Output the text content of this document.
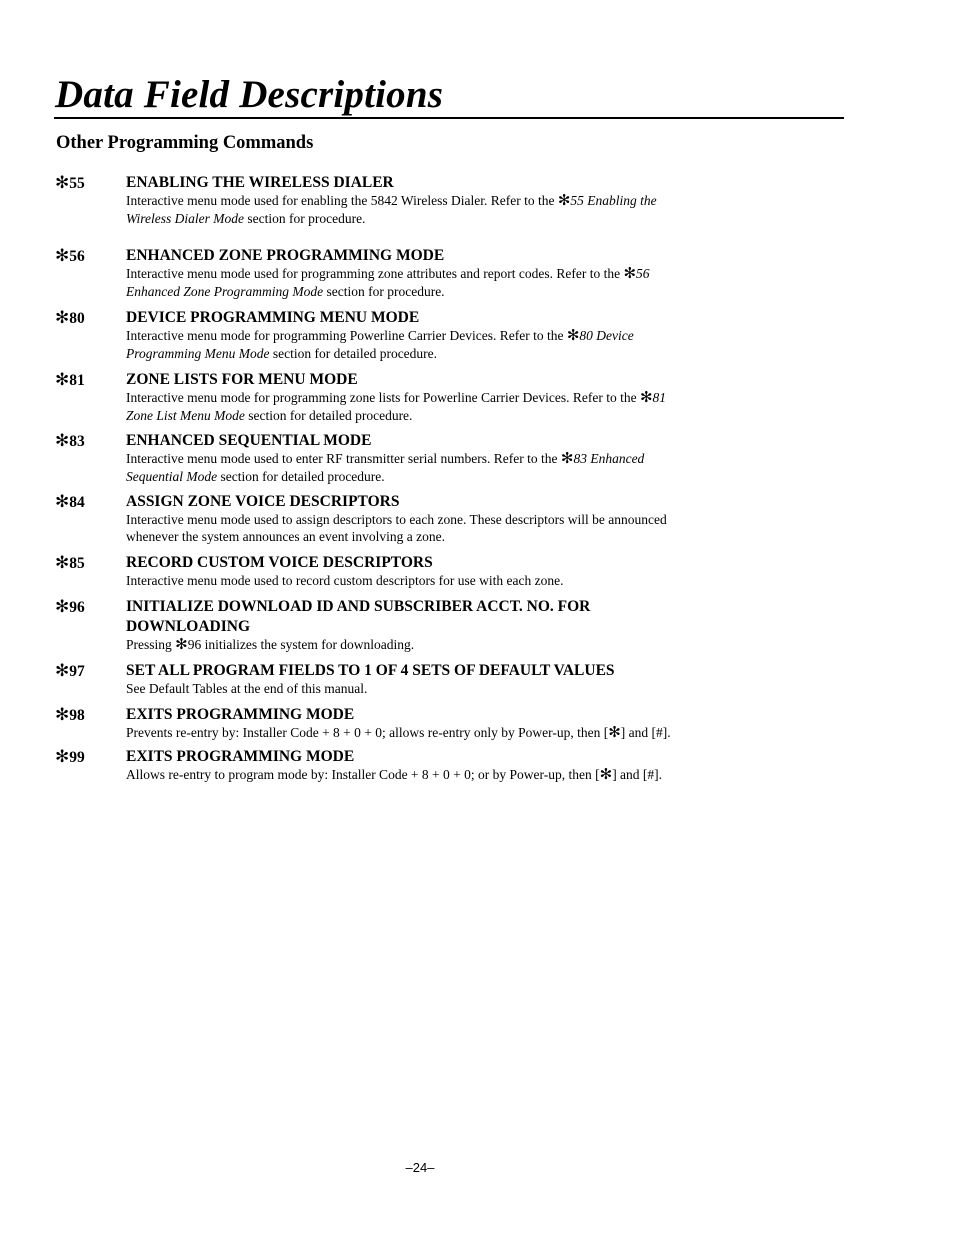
Data Field Descriptions
Other Programming Commands
✻55	ENABLING THE WIRELESS DIALER
Interactive menu mode used for enabling the 5842 Wireless Dialer. Refer to the ✻55 Enabling the
Wireless Dialer Mode section for procedure.
✻56	ENHANCED ZONE PROGRAMMING MODE
Interactive menu mode used for programming zone attributes and report codes. Refer to the ✻56
Enhanced Zone Programming Mode section for procedure.
✻80	DEVICE PROGRAMMING MENU MODE
Interactive menu mode for programming Powerline Carrier Devices. Refer to the ✻80 Device
Programming Menu Mode section for detailed procedure.
✻81	ZONE LISTS FOR MENU MODE
Interactive menu mode for programming zone lists for Powerline Carrier Devices. Refer to the ✻81
Zone List Menu Mode section for detailed procedure.
✻83	ENHANCED SEQUENTIAL MODE
Interactive menu mode used to enter RF transmitter serial numbers. Refer to the ✻83 Enhanced
Sequential Mode section for detailed procedure.
✻84	ASSIGN ZONE VOICE DESCRIPTORS
Interactive menu mode used to assign descriptors to each zone. These descriptors will be announced
whenever the system announces an event involving a zone.
✻85	RECORD CUSTOM VOICE DESCRIPTORS
Interactive menu mode used to record custom descriptors for use with each zone.
✻96	INITIALIZE DOWNLOAD ID AND SUBSCRIBER ACCT. NO. FOR DOWNLOADING
Pressing ✻96 initializes the system for downloading.
✻97	SET ALL PROGRAM FIELDS TO 1 OF 4 SETS OF DEFAULT VALUES
See Default Tables at the end of this manual.
✻98	EXITS PROGRAMMING MODE
Prevents re-entry by: Installer Code + 8 + 0 + 0; allows re-entry only by Power-up, then [✻] and [#].
✻99	EXITS PROGRAMMING MODE
Allows re-entry to program mode by: Installer Code + 8 + 0 + 0; or by Power-up, then [✻] and [#].
–24–
